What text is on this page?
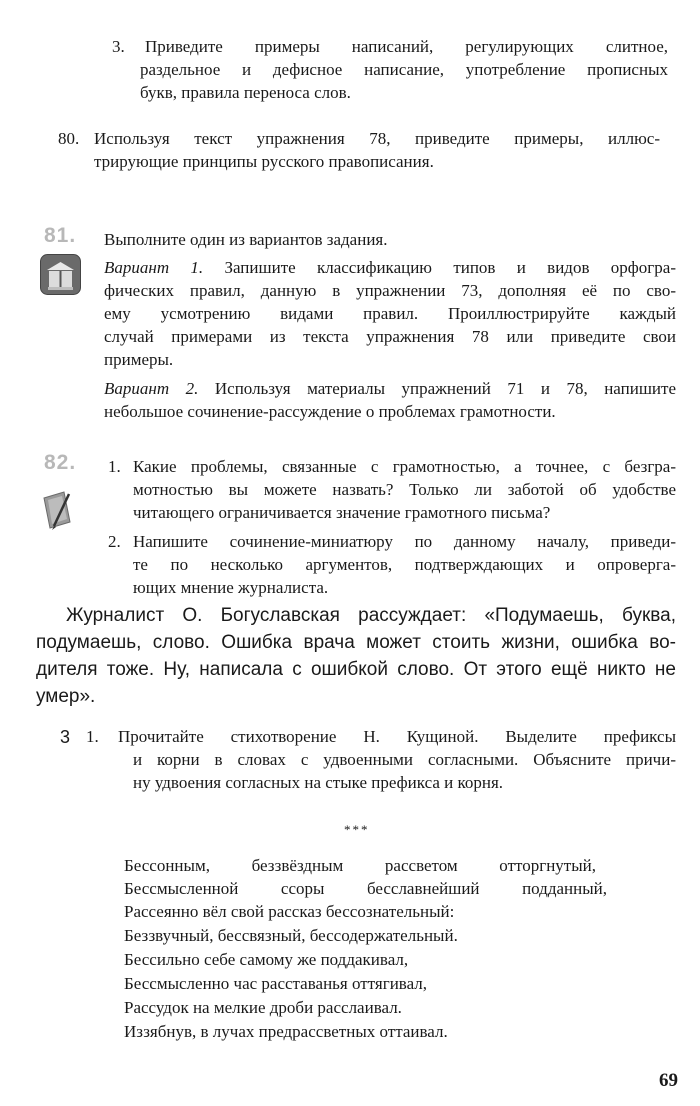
3. Приведите примеры написаний, регулирующих слитное,
раздельное и дефисное написание, употребление прописных
букв, правила переноса слов.
80. Используя текст упражнения 78, приведите примеры, иллюс-
трирующие принципы русского правописания.
81. Выполните один из вариантов задания.
Вариант 1. Запишите классификацию типов и видов орфогра-
фических правил, данную в упражнении 73, дополняя её по сво-
ему усмотрению видами правил. Проиллюстрируйте каждый
случай примерами из текста упражнения 78 или приведите свои
примеры.
Вариант 2. Используя материалы упражнений 71 и 78, напишите
небольшое сочинение-рассуждение о проблемах грамотности.
82. 1. Какие проблемы, связанные с грамотностью, а точнее, с безгра-
мотностью вы можете назвать? Только ли заботой об удобстве
читающего ограничивается значение грамотного письма?
2. Напишите сочинение-миниатюру по данному началу, приведи-
те по несколько аргументов, подтверждающих и опроверга-
ющих мнение журналиста.
Журналист О. Богуславская рассуждает: «Подумаешь, буква,
подумаешь, слово. Ошибка врача может стоить жизни, ошибка во-
дителя тоже. Ну, написала с ошибкой слово. От этого ещё никто не
умер».
3 1. Прочитайте стихотворение Н. Кущиной. Выделите префиксы
и корни в словах с удвоенными согласными. Объясните причи-
ну удвоения согласных на стыке префикса и корня.
***
Бессонным, беззвёздным рассветом отторгнутый,
Бессмысленной ссоры бесславнейший подданный,
Рассеянно вёл свой рассказ бессознательный:
Беззвучный, бессвязный, бессодержательный.
Бессильно себе самому же поддакивал,
Бессмысленно час расставанья оттягивал,
Рассудок на мелкие дроби расслаивал.
Иззябнув, в лучах предрассветных оттаивал.
69
